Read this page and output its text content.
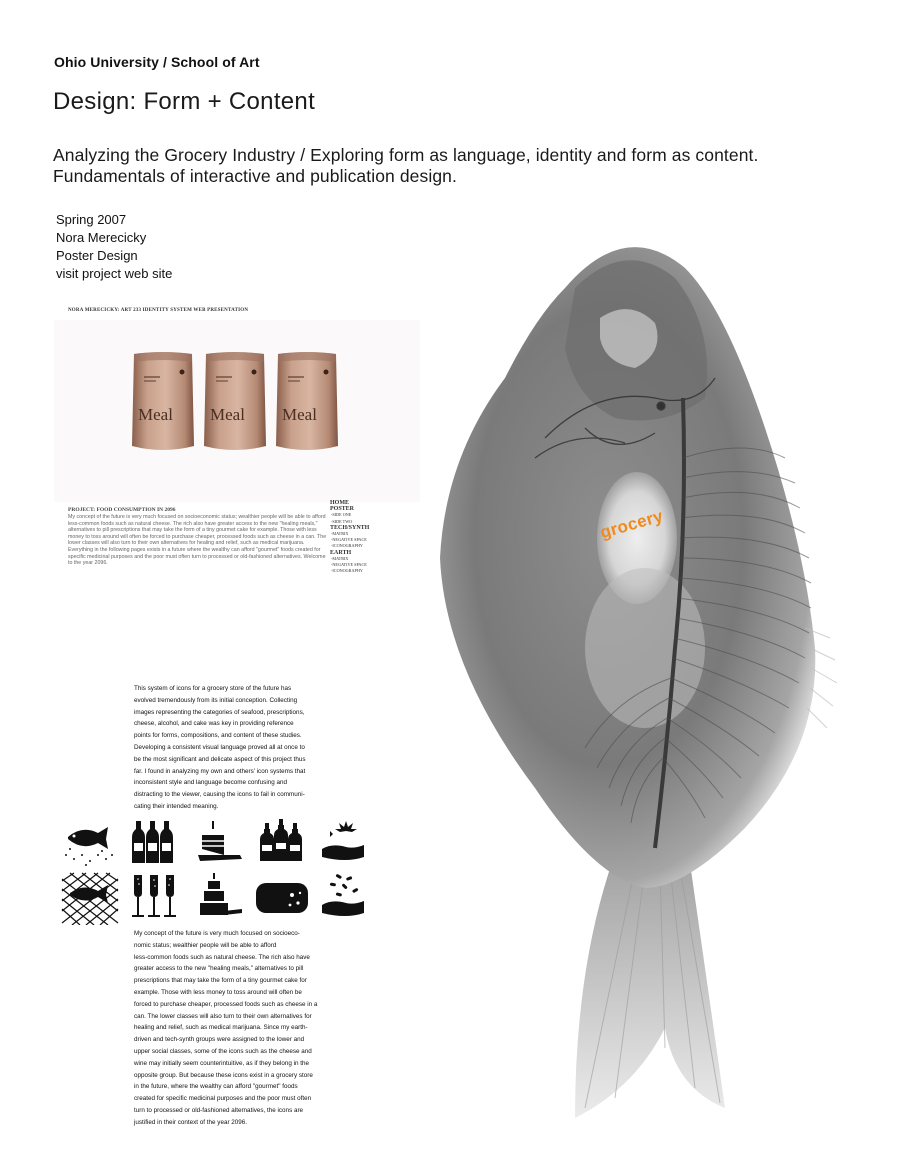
Ohio University / School of Art
Design: Form + Content
Analyzing the Grocery Industry / Exploring form as language, identity and form as content.
Fundamentals of interactive and publication design.
Spring 2007
Nora Merecicky
Poster Design
visit project web site
NORA MERECICKY: ART 233 IDENTITY SYSTEM WEB PRESENTATION
Meal Meal Meal
PROJECT: FOOD CONSUMPTION IN 2096
My concept of the future is very much focused on socioeconomic status; wealthier people will be able to afford less-common foods such as natural cheese. The rich also have greater access to the new "healing meals," alternatives to pill prescriptions that may take the form of a tiny gourmet cake for example. Those with less money to toss around will often be forced to purchase cheaper, processed foods such as cheese in a can. The lower classes will also turn to their own alternatives for healing and relief, such as medical marijuana. Everything in the following pages exists in a future where the wealthy can afford "gourmet" foods created for specific medicinal purposes and the poor must often turn to processed or old-fashioned alternatives. Welcome to the year 2096.
HOME
POSTER
-SIDE ONE
-SIDE TWO
TECH/SYNTH
-MATRIX
-NEGATIVE SPACE
-ICONOGRAPHY
EARTH
-MATRIX
-NEGATIVE SPACE
-ICONOGRAPHY
This system of icons for a grocery store of the future has
evolved tremendously from its initial conception. Collecting
images representing the categories of seafood, prescriptions,
cheese, alcohol, and cake was key in providing reference
points for forms, compositions, and content of these studies.
Developing a consistent visual language proved all at once to
be the most significant and delicate aspect of this project thus
far. I found in analyzing my own and others' icon systems that
inconsistent style and language become confusing and
distracting to the viewer, causing the icons to fail in communi-
cating their intended meaning.
My concept of the future is very much focused on socioeco-
nomic status; wealthier people will be able to afford
less-common foods such as natural cheese. The rich also have
greater access to the new "healing meals," alternatives to pill
prescriptions that may take the form of a tiny gourmet cake for
example. Those with less money to toss around will often be
forced to purchase cheaper, processed foods such as cheese in a
can. The lower classes will also turn to their own alternatives for
healing and relief, such as medical marijuana. Since my earth-
driven and tech-synth groups were assigned to the lower and
upper social classes, some of the icons such as the cheese and
wine may initially seem counterintuitive, as if they belong in the
opposite group. But because these icons exist in a grocery store
in the future, where the wealthy can afford "gourmet" foods
created for specific medicinal purposes and the poor must often
turn to processed or old-fashioned alternatives, the icons are
justified in their context of the year 2096.
grocery
